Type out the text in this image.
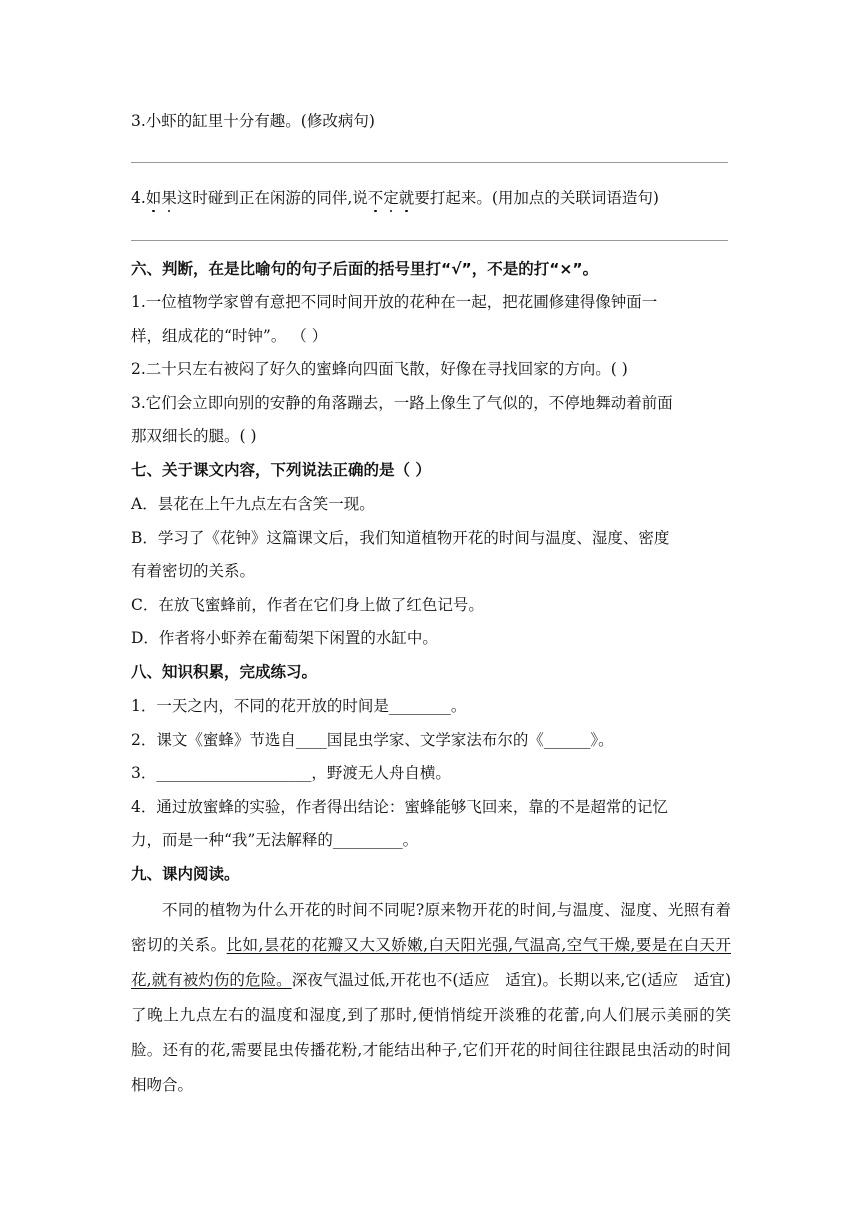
3.小虾的缸里十分有趣。(修改病句)
4.如果这时碰到正在闲游的同伴,说不定就要打起来。(用加点的关联词语造句)
六、判断，在是比喻句的句子后面的括号里打“√”，不是的打“×”。
1.一位植物学家曾有意把不同时间开放的花种在一起，把花圃修建得像钟面一
样，组成花的“时钟”。 （ ）
2.二十只左右被闷了好久的蜜蜂向四面飞散，好像在寻找回家的方向。( )
3.它们会立即向别的安静的角落蹦去，一路上像生了气似的，不停地舞动着前面
那双细长的腿。( )
七、关于课文内容，下列说法正确的是（ ）
A．昙花在上午九点左右含笑一现。
B．学习了《花钟》这篇课文后，我们知道植物开花的时间与温度、湿度、密度
有着密切的关系。
C．在放飞蜜蜂前，作者在它们身上做了红色记号。
D．作者将小虾养在葡萄架下闲置的水缸中。
八、知识积累，完成练习。
1．一天之内，不同的花开放的时间是________。
2．课文《蜜蜂》节选自____国昆虫学家、文学家法布尔的《______》。
3．____________________，野渡无人舟自横。
4．通过放蜜蜂的实验，作者得出结论：蜜蜂能够飞回来，靠的不是超常的记忆
力，而是一种“我”无法解释的_________。
九、课内阅读。
不同的植物为什么开花的时间不同呢?原来物开花的时间,与温度、湿度、光照有着密切的关系。比如,昙花的花瓣又大又娇嫩,白天阳光强,气温高,空气干燥,要是在白天开花,就有被灼伤的危险。深夜气温过低,开花也不(适应　适宜)。长期以来,它(适应　适宜)了晚上九点左右的温度和湿度,到了那时,便悄悄绽开淡雅的花蕾,向人们展示美丽的笑脸。还有的花,需要昆虫传播花粉,才能结出种子,它们开花的时间往往跟昆虫活动的时间相吻合。
